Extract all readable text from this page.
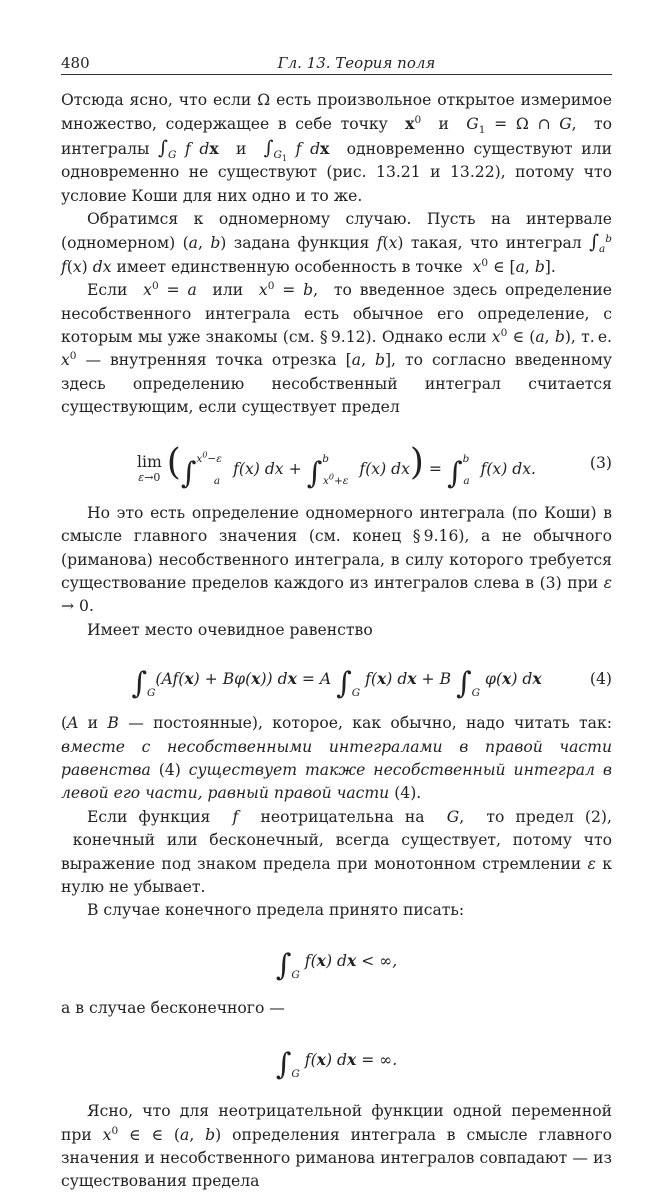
480	Гл. 13. Теория поля

Отсюда ясно, что если Ω есть произвольное открытое измеримое множество, содержащее в себе точку  $x^0$  и  $G_1 = \Omega$ ∩ G,  то интегралы $\int_G$ f dx  и  $\int_{G_1}$ f dx  одновременно существуют или одновременно не существуют (рис. 13.21 и 13.22), потому что условие Коши для них одно и то же.

Обратимся к одномерному случаю. Пусть на интервале (одномерном) (a, b) задана функция f(x) такая, что интеграл $\int_a^b$ f(x) dx имеет единственную особенность в точке  $x^0$ ∈ [a, b].

Если  $x^0 = a$  или  $x^0 = b$,  то введенное здесь определение несобственного интеграла есть обычное его определение, с которым мы уже знакомы (см. § 9.12). Однако если $x^0$ ∈ (a, b), т. е. $x^0$ — внутренняя точка отрезка [a, b], то согласно введенному здесь определению несобственный интеграл считается существующим, если существует предел

lim
ε→0 (∫$^{x^0-\varepsilon}_a$ f(x) dx + ∫$^b_{x^0+\varepsilon}$ f(x) dx) = ∫$^b_a$ f(x) dx.	(3)

Но это есть определение одномерного интеграла (по Коши) в смысле главного значения (см. конец § 9.16), а не обычного (риманова) несобственного интеграла, в силу которого требуется существование пределов каждого из интегралов слева в (3) при ε → 0.

Имеет место очевидное равенство

$\int_G(Af(x) + B\varphi(x))$ dx = A $\int_G$ f(x) dx + B $\int_G$ φ(x) dx	(4)

(A и B — постоянные), которое, как обычно, надо читать так: вместе с несобственными интегралами в правой части равенства (4) существует также несобственный интеграл в левой его части, равный правой части (4).

Если функция  f  неотрицательна на  G,  то предел (2),  конечный или бесконечный, всегда существует, потому что выражение под знаком предела при монотонном стремлении ε к нулю не убывает.

В случае конечного предела принято писать:

$\int_G$ f(x) dx < ∞,

а в случае бесконечного —

$\int_G$ f(x) dx = ∞.

Ясно, что для неотрицательной функции одной переменной при $x^0$ ∈ ∈ (a, b) определения интеграла в смысле главного значения и несобственного риманова интегралов совпадают — из существования предела
